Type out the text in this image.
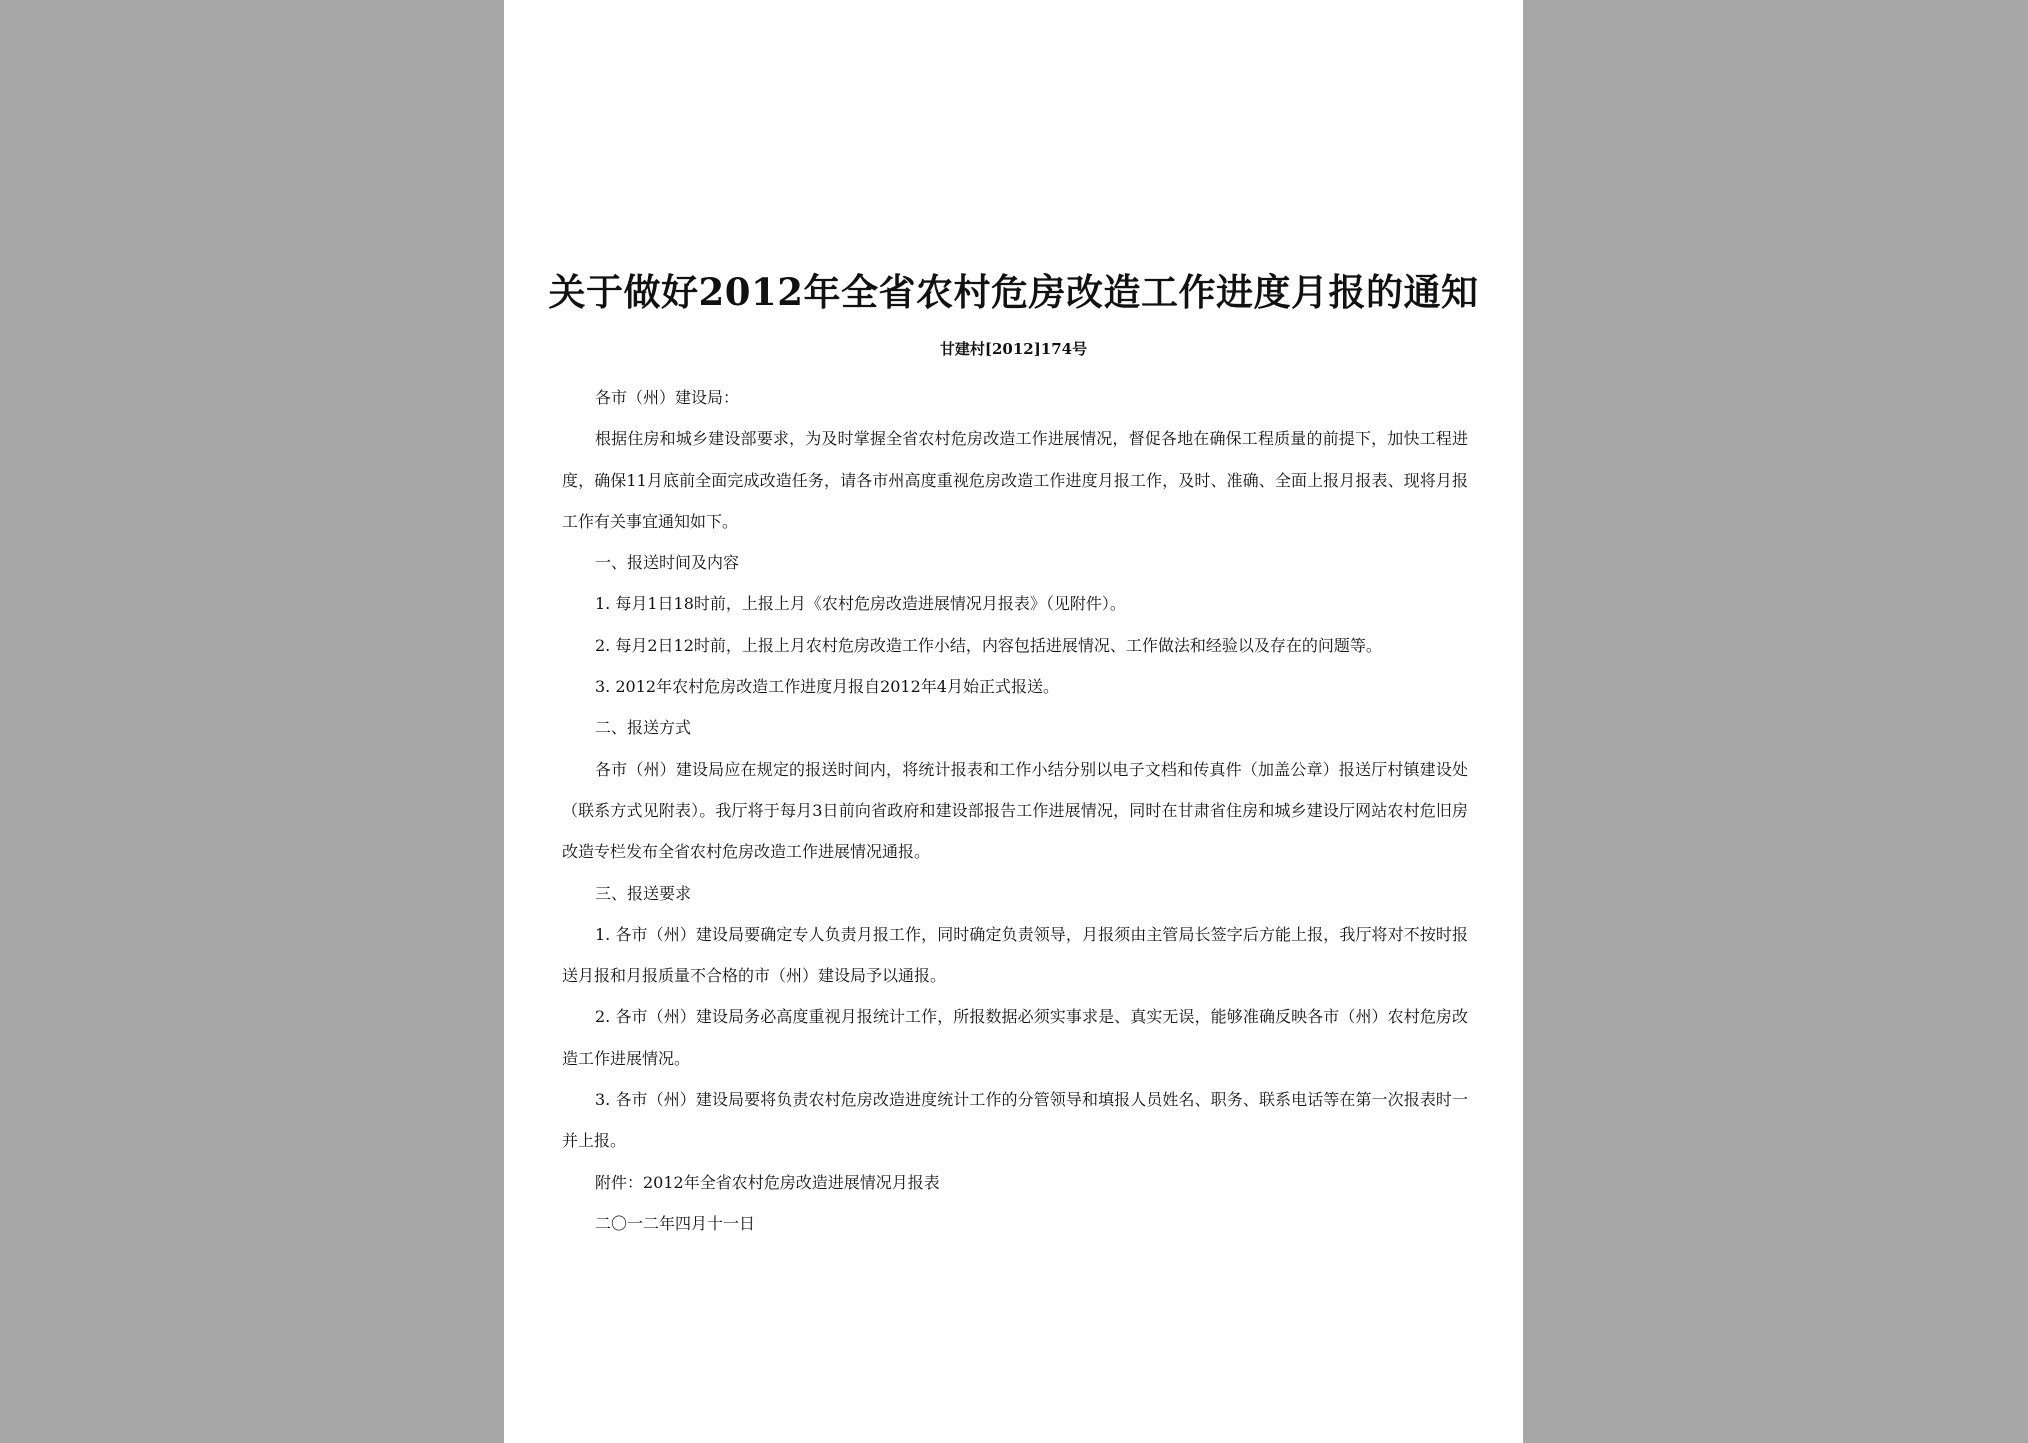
关于做好2012年全省农村危房改造工作进度月报的通知
甘建村[2012]174号

各市（州）建设局：

根据住房和城乡建设部要求，为及时掌握全省农村危房改造工作进展情况，督促各地在确保工程质量的前提下，加快工程进度，确保11月底前全面完成改造任务，请各市州高度重视危房改造工作进度月报工作，及时、准确、全面上报月报表、现将月报工作有关事宜通知如下。

一、报送时间及内容

1. 每月1日18时前，上报上月《农村危房改造进展情况月报表》（见附件）。

2. 每月2日12时前，上报上月农村危房改造工作小结，内容包括进展情况、工作做法和经验以及存在的问题等。

3. 2012年农村危房改造工作进度月报自2012年4月始正式报送。

二、报送方式

各市（州）建设局应在规定的报送时间内，将统计报表和工作小结分别以电子文档和传真件（加盖公章）报送厅村镇建设处（联系方式见附表）。我厅将于每月3日前向省政府和建设部报告工作进展情况，同时在甘肃省住房和城乡建设厅网站农村危旧房改造专栏发布全省农村危房改造工作进展情况通报。

三、报送要求

1. 各市（州）建设局要确定专人负责月报工作，同时确定负责领导，月报须由主管局长签字后方能上报，我厅将对不按时报送月报和月报质量不合格的市（州）建设局予以通报。

2. 各市（州）建设局务必高度重视月报统计工作，所报数据必须实事求是、真实无误，能够准确反映各市（州）农村危房改造工作进展情况。

3. 各市（州）建设局要将负责农村危房改造进度统计工作的分管领导和填报人员姓名、职务、联系电话等在第一次报表时一并上报。

附件：2012年全省农村危房改造进展情况月报表

二〇一二年四月十一日
